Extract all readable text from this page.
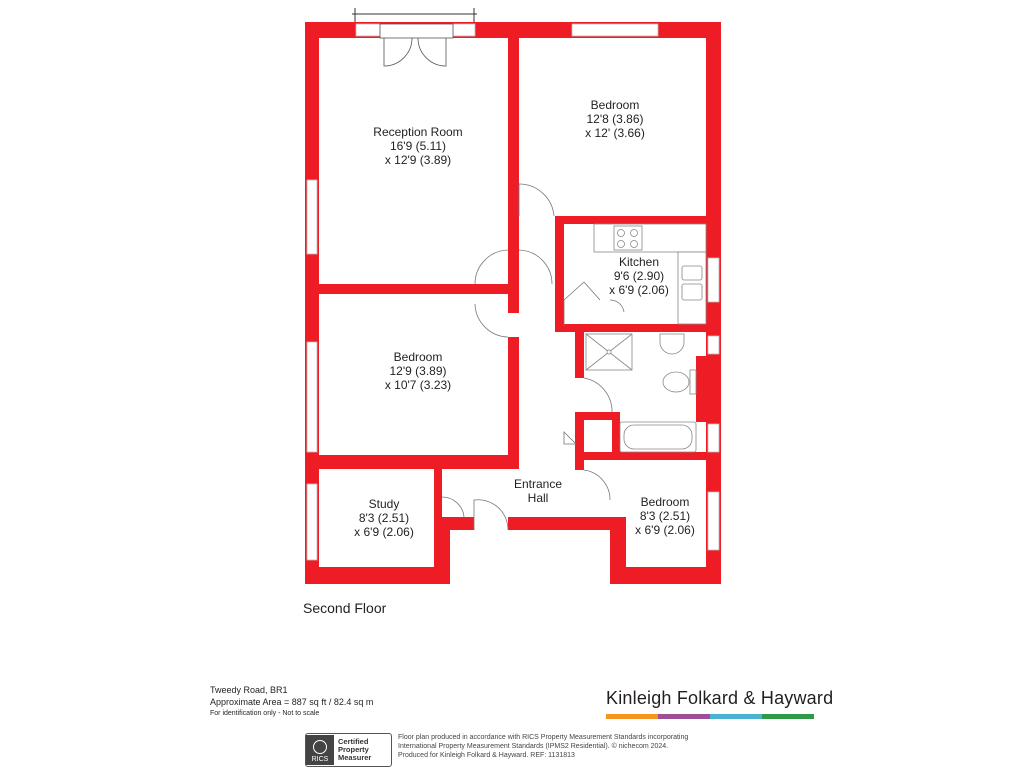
Reception Room
16'9 (5.11)
x 12'9 (3.89)
Bedroom
12'8 (3.86)
x 12' (3.66)
Kitchen
9'6 (2.90)
x 6'9 (2.06)
Bedroom
12'9 (3.89)
x 10'7 (3.23)
Entrance
Hall
Study
8'3 (2.51)
x 6'9 (2.06)
Bedroom
8'3 (2.51)
x 6'9 (2.06)
Second Floor
Tweedy Road, BR1
Approximate Area = 887 sq ft / 82.4 sq m
For identification only - Not to scale
Kinleigh Folkard & Hayward
RICS
Certified
Property
Measurer
Floor plan produced in accordance with RICS Property Measurement Standards incorporating
International Property Measurement Standards (IPMS2 Residential). © nichecom 2024.
Produced for Kinleigh Folkard & Hayward. REF: 1131813
